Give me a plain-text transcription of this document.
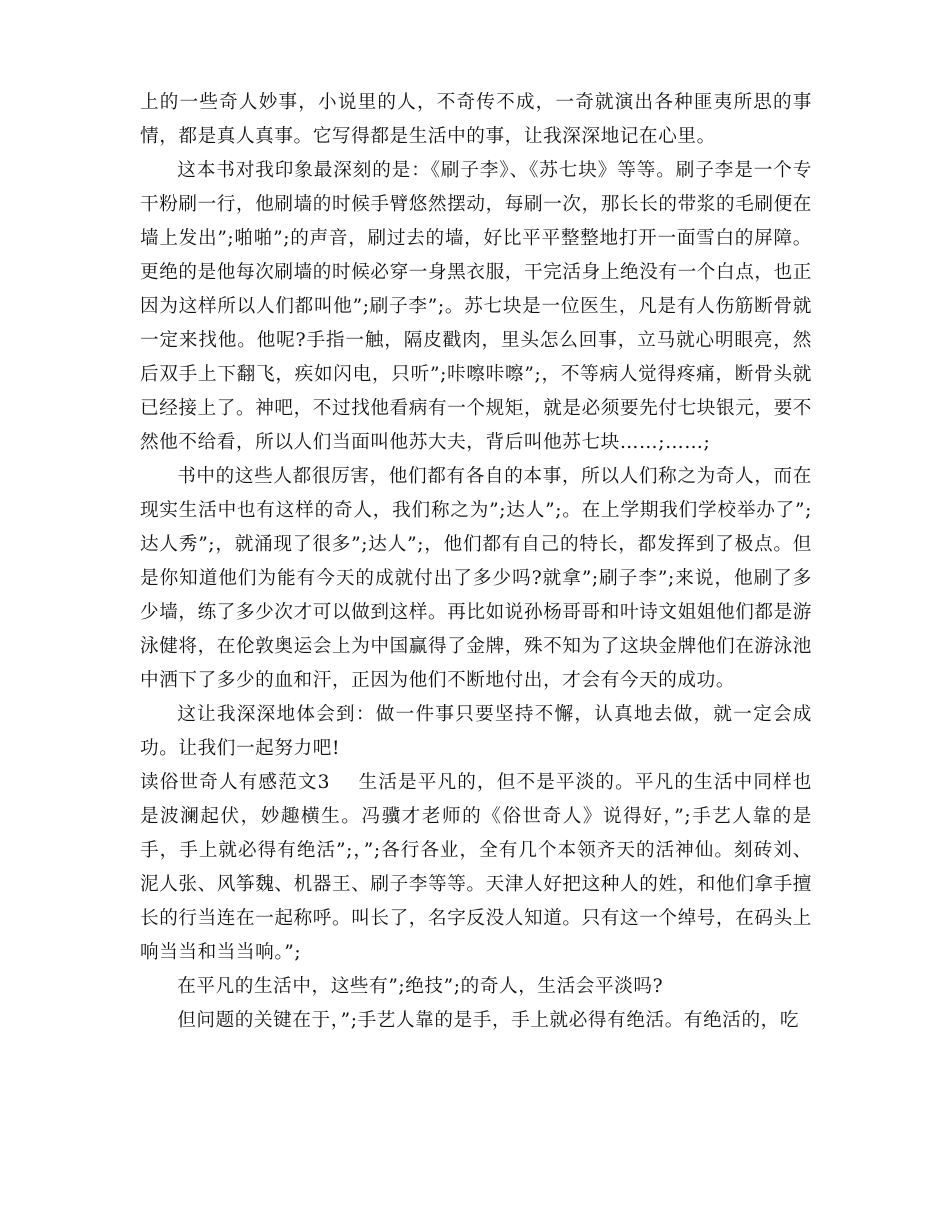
上的一些奇人妙事，小说里的人，不奇传不成，一奇就演出各种匪夷所思的事情，都是真人真事。它写得都是生活中的事，让我深深地记在心里。

这本书对我印象最深刻的是：《刷子李》、《苏七块》等等。刷子李是一个专干粉刷一行，他刷墙的时候手臂悠然摆动，每刷一次，那长长的带浆的毛刷便在墙上发出”;啪啪”;的声音，刷过去的墙，好比平平整整地打开一面雪白的屏障。更绝的是他每次刷墙的时候必穿一身黑衣服，干完活身上绝没有一个白点，也正因为这样所以人们都叫他”;刷子李”;。苏七块是一位医生，凡是有人伤筋断骨就一定来找他。他呢?手指一触，隔皮戳肉，里头怎么回事，立马就心明眼亮，然后双手上下翻飞，疾如闪电，只听”;咔嚓咔嚓”;，不等病人觉得疼痛，断骨头就已经接上了。神吧，不过找他看病有一个规矩，就是必须要先付七块银元，要不然他不给看，所以人们当面叫他苏大夫，背后叫他苏七块……;……;

书中的这些人都很厉害，他们都有各自的本事，所以人们称之为奇人，而在现实生活中也有这样的奇人，我们称之为”;达人”;。在上学期我们学校举办了”;达人秀”;，就涌现了很多”;达人”;，他们都有自己的特长，都发挥到了极点。但是你知道他们为能有今天的成就付出了多少吗?就拿”;刷子李”;来说，他刷了多少墙，练了多少次才可以做到这样。再比如说孙杨哥哥和叶诗文姐姐他们都是游泳健将，在伦敦奥运会上为中国赢得了金牌，殊不知为了这块金牌他们在游泳池中洒下了多少的血和汗，正因为他们不断地付出，才会有今天的成功。

这让我深深地体会到：做一件事只要坚持不懈，认真地去做，就一定会成功。让我们一起努力吧!

读俗世奇人有感范文3 生活是平凡的，但不是平淡的。平凡的生活中同样也是波澜起伏，妙趣横生。冯骥才老师的《俗世奇人》说得好，”;手艺人靠的是手，手上就必得有绝活”;，”;各行各业，全有几个本领齐天的活神仙。刻砖刘、泥人张、风筝魏、机器王、刷子李等等。天津人好把这种人的姓，和他们拿手擅长的行当连在一起称呼。叫长了，名字反没人知道。只有这一个绰号，在码头上响当当和当当响。”;

在平凡的生活中，这些有”;绝技”;的奇人，生活会平淡吗?

但问题的关键在于，”;手艺人靠的是手，手上就必得有绝活。有绝活的，吃
